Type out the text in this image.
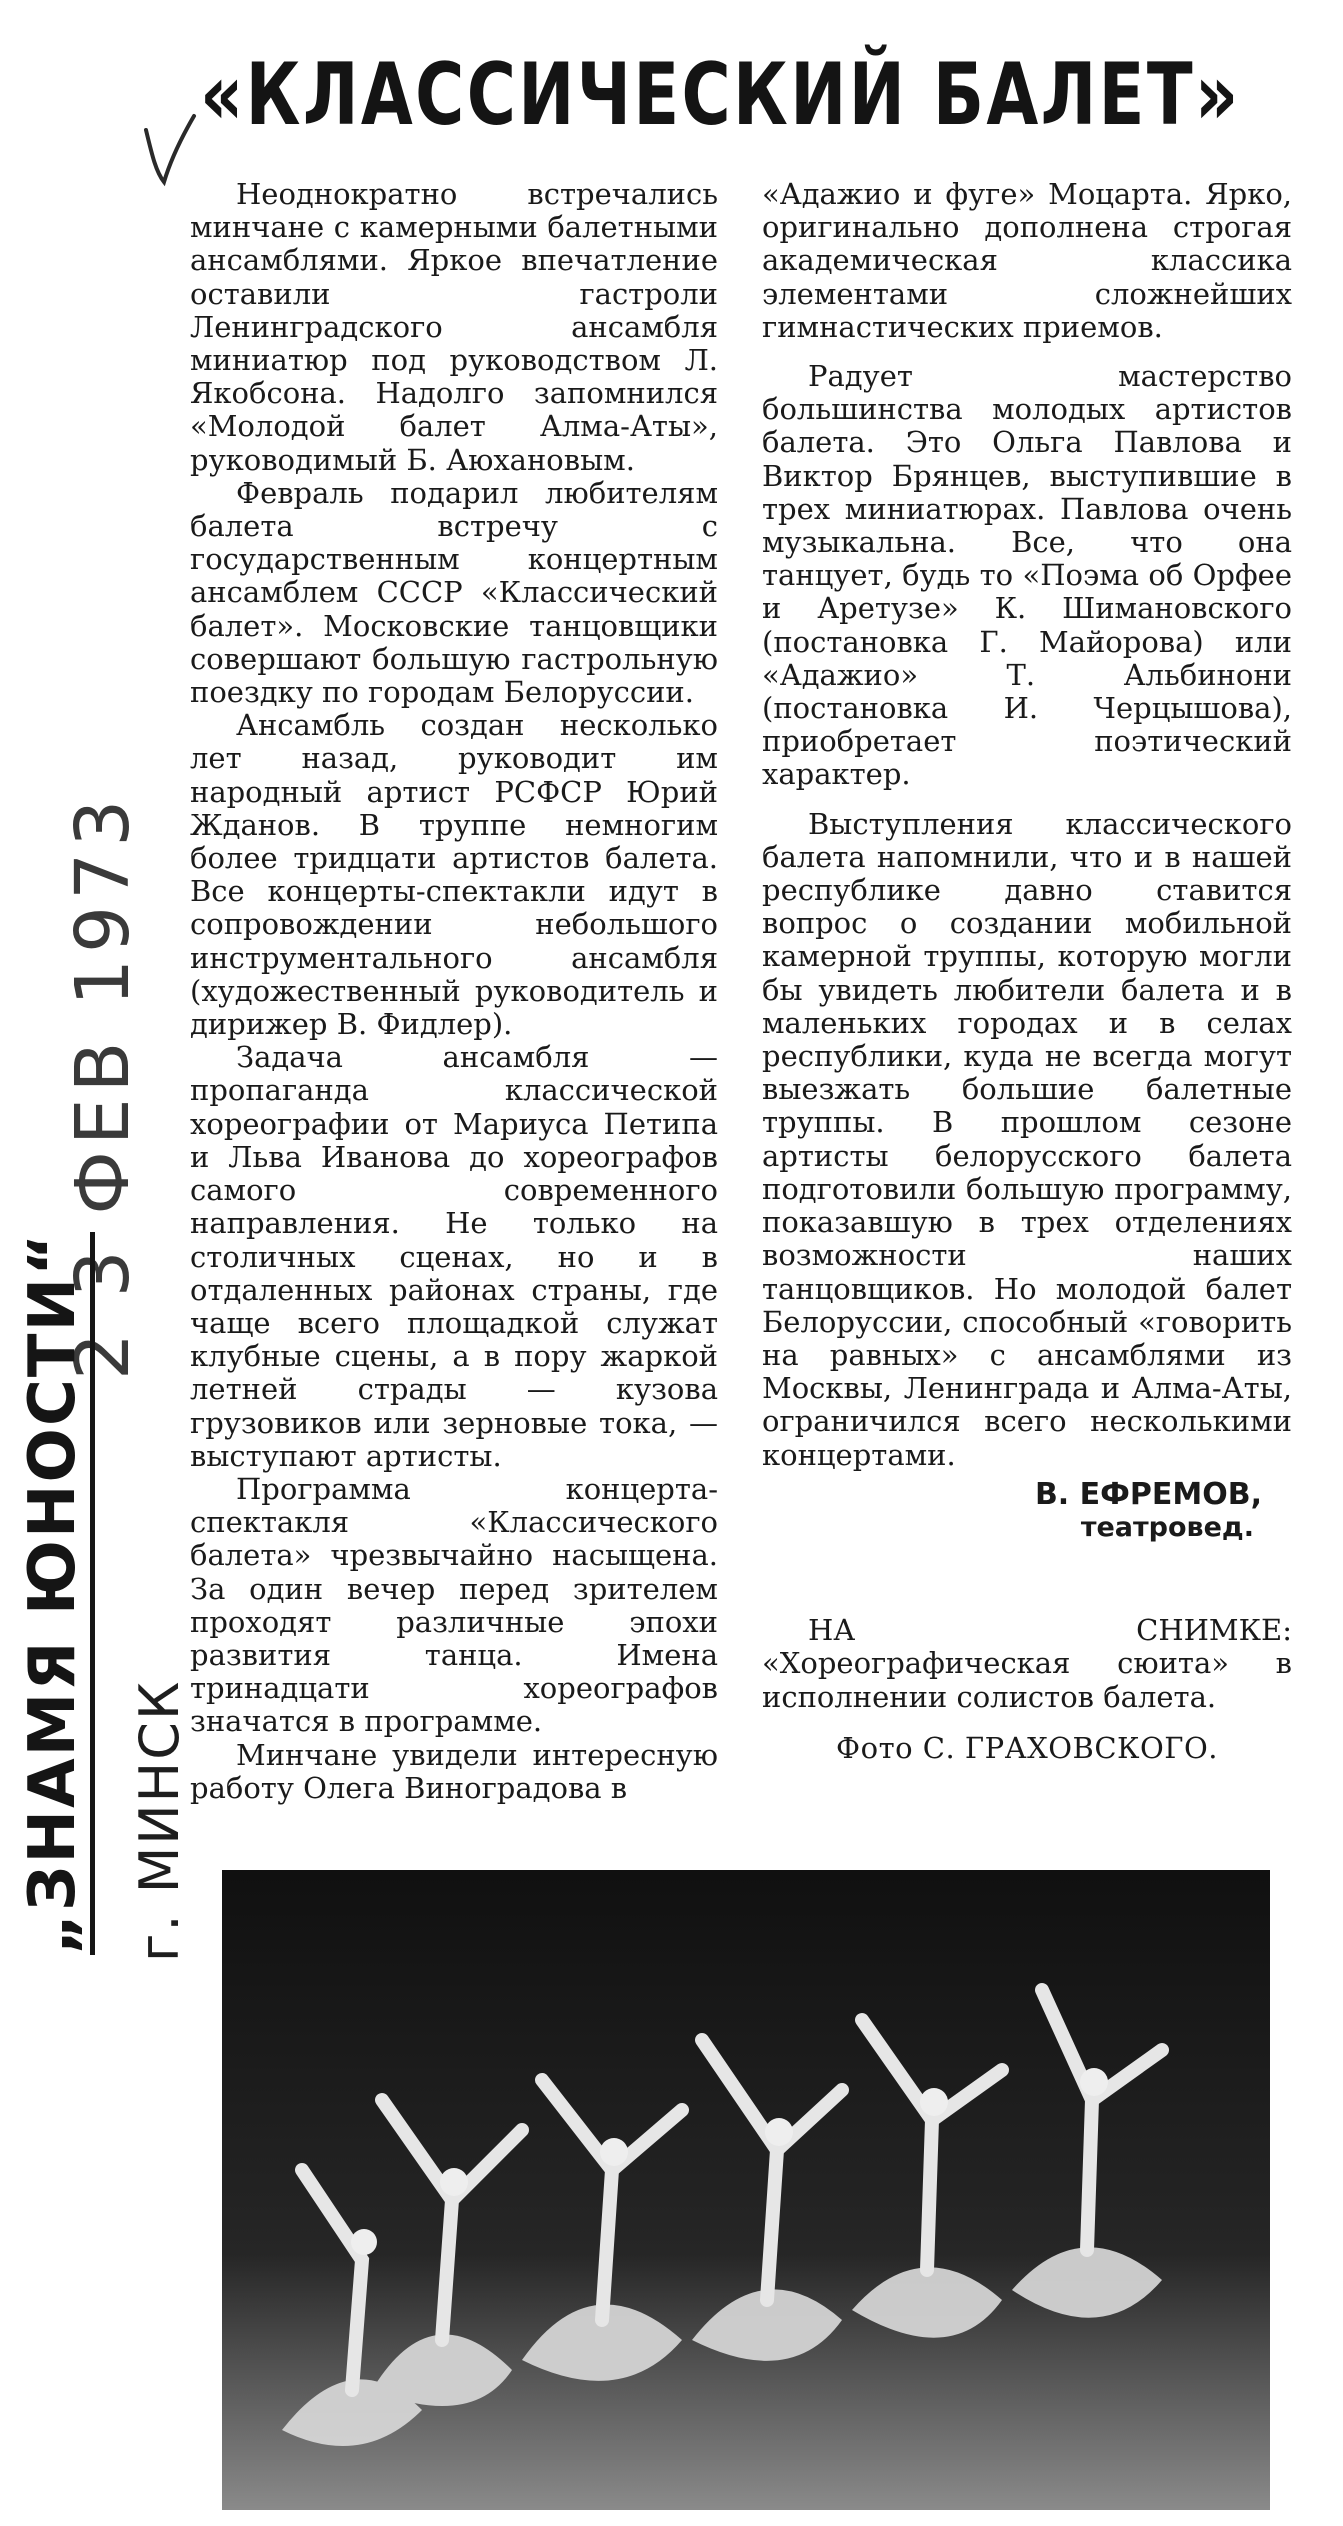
«КЛАССИЧЕСКИЙ БАЛЕТ»
2 3 ФЕВ 1973
„ЗНАМЯ ЮНОСТИ“ г. МИНСК

Неоднократно встречались минчане с камерными балетными ансамблями. Яркое впечатление оставили гастроли Ленинградского ансамбля миниатюр под руководством Л. Якобсона. Надолго запомнился «Молодой балет Алма-Аты», руководимый Б. Аюхановым.

Февраль подарил любителям балета встречу с государственным концертным ансамблем СССР «Классический балет». Московские танцовщики совершают большую гастрольную поездку по городам Белоруссии.

Ансамбль создан несколько лет назад, руководит им народный артист РСФСР Юрий Жданов. В труппе немногим более тридцати артистов балета. Все концерты-спектакли идут в сопровождении небольшого инструментального ансамбля (художественный руководитель и дирижер В. Фидлер).

Задача ансамбля — пропаганда классической хореографии от Мариуса Петипа и Льва Иванова до хореографов самого современного направления. Не только на столичных сценах, но и в отдаленных районах страны, где чаще всего площадкой служат клубные сцены, а в пору жаркой летней страды — кузова грузовиков или зерновые тока, — выступают артисты.

Программа концерта-спектакля «Классического балета» чрезвычайно насыщена. За один вечер перед зрителем проходят различные эпохи развития танца. Имена тринадцати хореографов значатся в программе.

Минчане увидели интересную работу Олега Виноградова в

«Адажио и фуге» Моцарта. Ярко, оригинально дополнена строгая академическая классика элементами сложнейших гимнастических приемов.

Радует мастерство большинства молодых артистов балета. Это Ольга Павлова и Виктор Брянцев, выступившие в трех миниатюрах. Павлова очень музыкальна. Все, что она танцует, будь то «Поэма об Орфее и Аретузе» К. Шимановского (постановка Г. Майорова) или «Адажио» Т. Альбинони (постановка И. Черцышова), приобретает поэтический характер.

Выступления классического балета напомнили, что и в нашей республике давно ставится вопрос о создании мобильной камерной труппы, которую могли бы увидеть любители балета и в маленьких городах и в селах республики, куда не всегда могут выезжать большие балетные труппы. В прошлом сезоне артисты белорусского балета подготовили большую программу, показавшую в трех отделениях возможности наших танцовщиков. Но молодой балет Белоруссии, способный «говорить на равных» с ансамблями из Москвы, Ленинграда и Алма-Аты, ограничился всего несколькими концертами.

В. ЕФРЕМОВ,

театровед.

НА СНИМКЕ: «Хореографическая сюита» в исполнении солистов балета.

Фото С. ГРАХОВСКОГО.
